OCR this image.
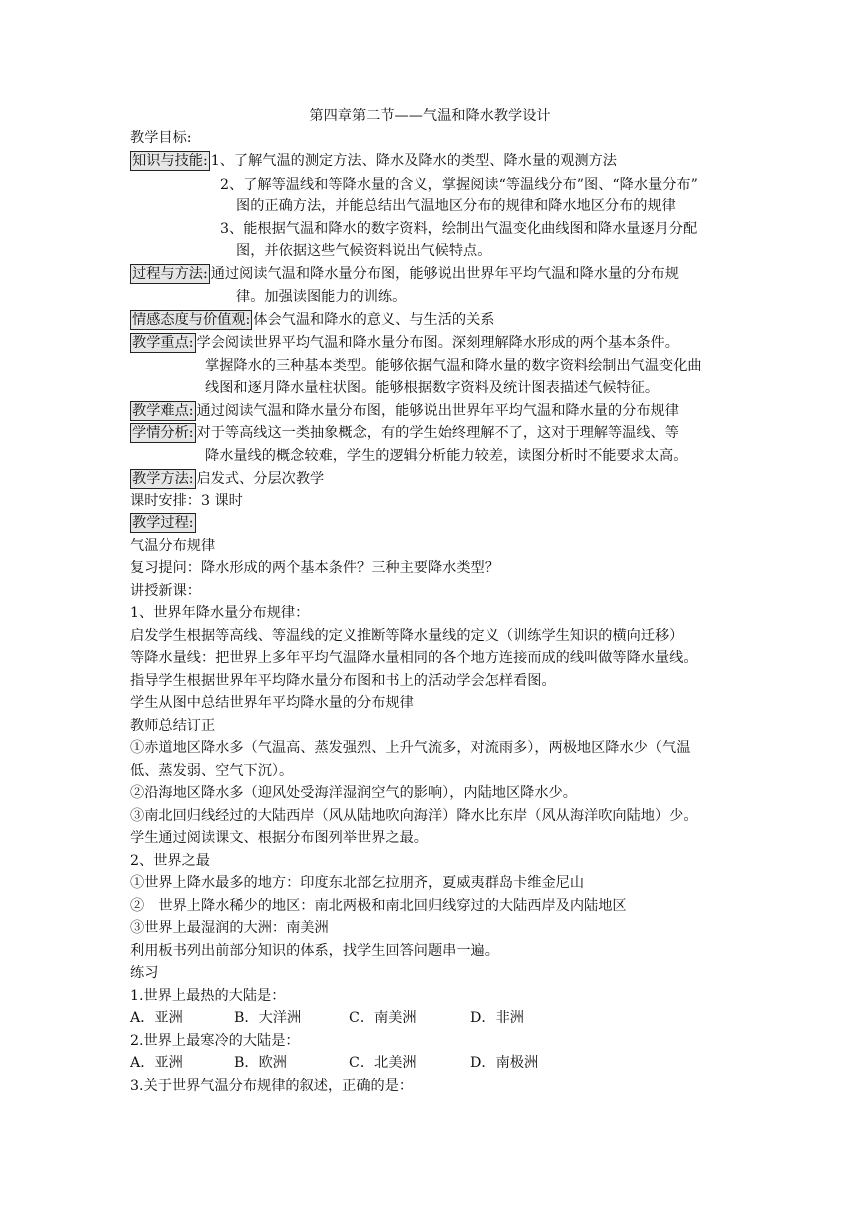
第四章第二节——气温和降水教学设计
教学目标:
知识与技能: 1、了解气温的测定方法、降水及降水的类型、降水量的观测方法
2、了解等温线和等降水量的含义，掌握阅读“等温线分布”图、“降水量分布”
图的正确方法，并能总结出气温地区分布的规律和降水地区分布的规律
3、能根据气温和降水的数字资料，绘制出气温变化曲线图和降水量逐月分配
图，并依据这些气候资料说出气候特点。
过程与方法: 通过阅读气温和降水量分布图，能够说出世界年平均气温和降水量的分布规
律。加强读图能力的训练。
情感态度与价值观: 体会气温和降水的意义、与生活的关系
教学重点: 学会阅读世界平均气温和降水量分布图。深刻理解降水形成的两个基本条件。
掌握降水的三种基本类型。能够依据气温和降水量的数字资料绘制出气温变化曲
线图和逐月降水量柱状图。能够根据数字资料及统计图表描述气候特征。
教学难点: 通过阅读气温和降水量分布图，能够说出世界年平均气温和降水量的分布规律
学情分析: 对于等高线这一类抽象概念，有的学生始终理解不了，这对于理解等温线、等
降水量线的概念较难，学生的逻辑分析能力较差，读图分析时不能要求太高。
教学方法: 启发式、分层次教学
课时安排：3 课时
教学过程:
气温分布规律
复习提问：降水形成的两个基本条件？三种主要降水类型？
讲授新课：
1、世界年降水量分布规律：
启发学生根据等高线、等温线的定义推断等降水量线的定义（训练学生知识的横向迁移）
等降水量线：把世界上多年平均气温降水量相同的各个地方连接而成的线叫做等降水量线。
指导学生根据世界年平均降水量分布图和书上的活动学会怎样看图。
学生从图中总结世界年平均降水量的分布规律
教师总结订正
①赤道地区降水多（气温高、蒸发强烈、上升气流多，对流雨多），两极地区降水少（气温
低、蒸发弱、空气下沉）。
②沿海地区降水多（迎风处受海洋湿润空气的影响），内陆地区降水少。
③南北回归线经过的大陆西岸（风从陆地吹向海洋）降水比东岸（风从海洋吹向陆地）少。
学生通过阅读课文、根据分布图列举世界之最。
2、世界之最
①世界上降水最多的地方：印度东北部乞拉朋齐，夏威夷群岛卡维金尼山
②　世界上降水稀少的地区：南北两极和南北回归线穿过的大陆西岸及内陆地区
③世界上最湿润的大洲：南美洲
利用板书列出前部分知识的体系，找学生回答问题串一遍。
练习
1.世界上最热的大陆是：
A．亚洲	B．大洋洲	C．南美洲	D．非洲
2.世界上最寒冷的大陆是：
A．亚洲	B．欧洲	C．北美洲	D．南极洲
3.关于世界气温分布规律的叙述，正确的是：
